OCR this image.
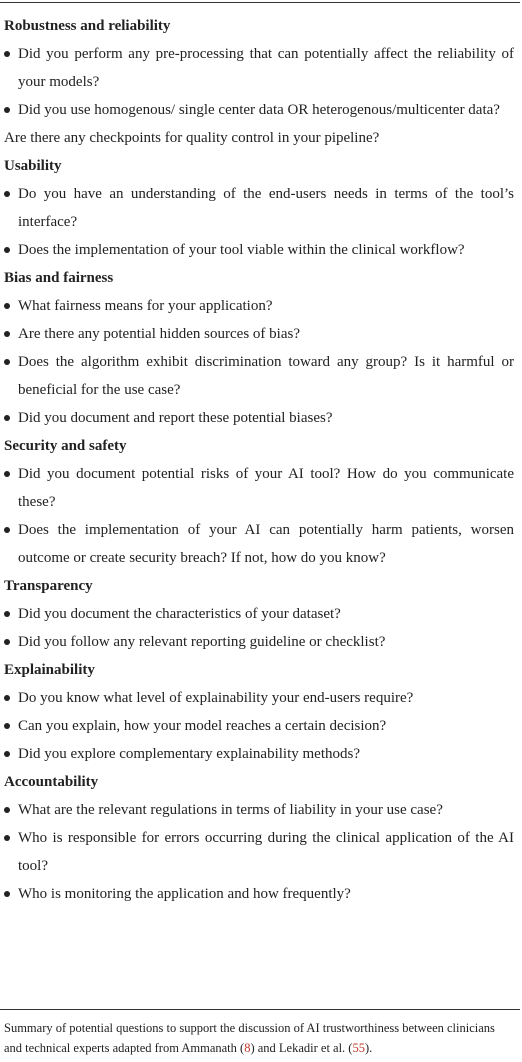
Robustness and reliability
Did you perform any pre-processing that can potentially affect the reliability of your models?
Did you use homogenous/ single center data OR heterogenous/multicenter data?
Are there any checkpoints for quality control in your pipeline?
Usability
Do you have an understanding of the end-users needs in terms of the tool’s interface?
Does the implementation of your tool viable within the clinical workflow?
Bias and fairness
What fairness means for your application?
Are there any potential hidden sources of bias?
Does the algorithm exhibit discrimination toward any group? Is it harmful or beneficial for the use case?
Did you document and report these potential biases?
Security and safety
Did you document potential risks of your AI tool? How do you communicate these?
Does the implementation of your AI can potentially harm patients, worsen outcome or create security breach? If not, how do you know?
Transparency
Did you document the characteristics of your dataset?
Did you follow any relevant reporting guideline or checklist?
Explainability
Do you know what level of explainability your end-users require?
Can you explain, how your model reaches a certain decision?
Did you explore complementary explainability methods?
Accountability
What are the relevant regulations in terms of liability in your use case?
Who is responsible for errors occurring during the clinical application of the AI tool?
Who is monitoring the application and how frequently?
Summary of potential questions to support the discussion of AI trustworthiness between clinicians and technical experts adapted from Ammanath (8) and Lekadir et al. (55).
